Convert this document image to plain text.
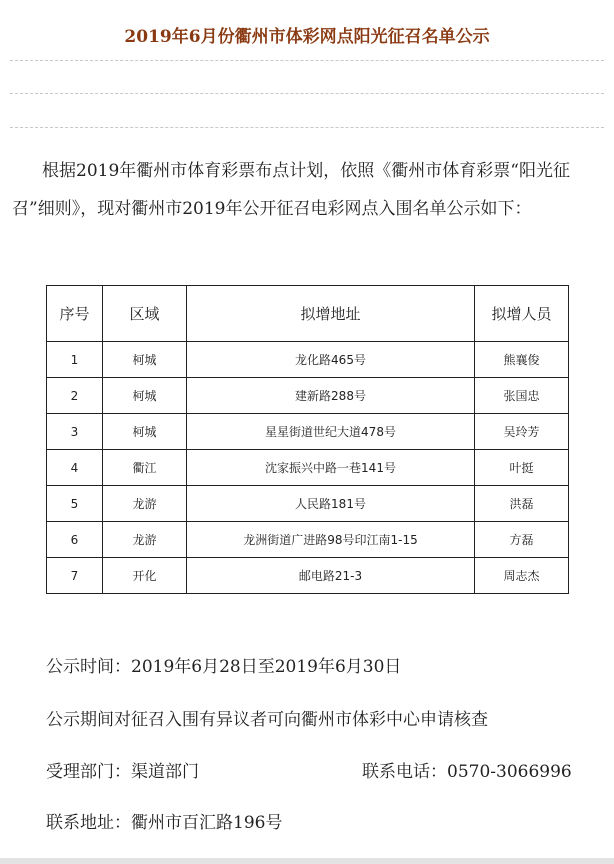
2019年6月份衢州市体彩网点阳光征召名单公示
根据2019年衢州市体育彩票布点计划，依照《衢州市体育彩票“阳光征召”细则》，现对衢州市2019年公开征召电彩网点入围名单公示如下：
序号	区域	拟增地址	拟增人员
1	柯城	龙化路465号	熊襄俊
2	柯城	建新路288号	张国忠
3	柯城	星星街道世纪大道478号	吴玲芳
4	衢江	沈家振兴中路一巷141号	叶挺
5	龙游	人民路181号	洪磊
6	龙游	龙洲街道广进路98号印江南1-15	方磊
7	开化	邮电路21-3	周志杰
公示时间：2019年6月28日至2019年6月30日
公示期间对征召入围有异议者可向衢州市体彩中心申请核查
受理部门：渠道部门	联系电话：0570-3066996
联系地址：衢州市百汇路196号
